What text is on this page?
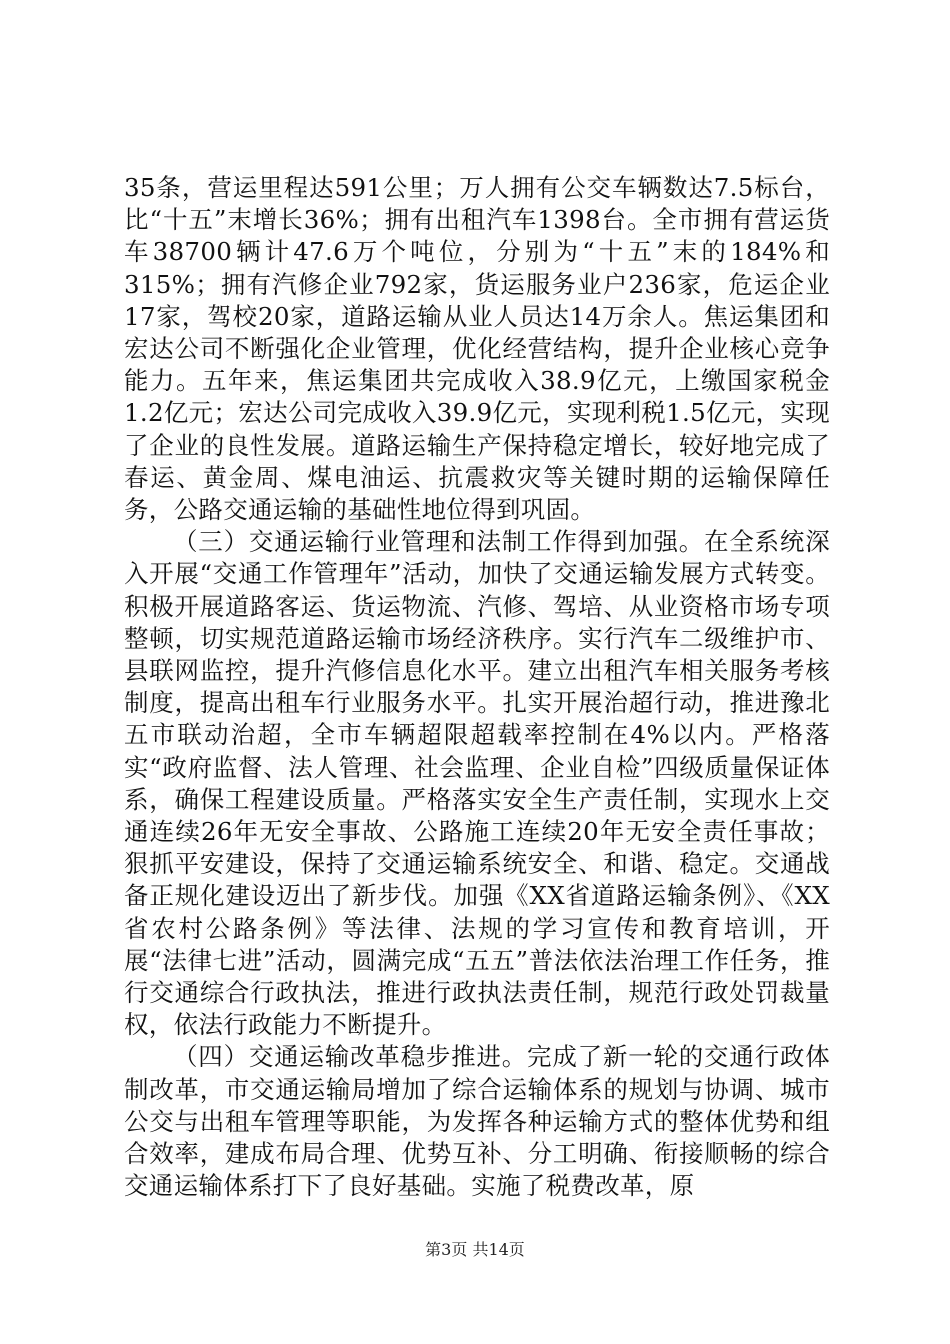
35条，营运里程达591公里；万人拥有公交车辆数达7.5标台，比“十五”末增长36%；拥有出租汽车1398台。全市拥有营运货车38700辆计47.6万个吨位，分别为“十五”末的184%和315%；拥有汽修企业792家，货运服务业户236家，危运企业17家，驾校20家，道路运输从业人员达14万余人。焦运集团和宏达公司不断强化企业管理，优化经营结构，提升企业核心竞争能力。五年来，焦运集团共完成收入38.9亿元，上缴国家税金1.2亿元；宏达公司完成收入39.9亿元，实现利税1.5亿元，实现了企业的良性发展。道路运输生产保持稳定增长，较好地完成了春运、黄金周、煤电油运、抗震救灾等关键时期的运输保障任务，公路交通运输的基础性地位得到巩固。

（三）交通运输行业管理和法制工作得到加强。在全系统深入开展“交通工作管理年”活动，加快了交通运输发展方式转变。积极开展道路客运、货运物流、汽修、驾培、从业资格市场专项整顿，切实规范道路运输市场经济秩序。实行汽车二级维护市、县联网监控，提升汽修信息化水平。建立出租汽车相关服务考核制度，提高出租车行业服务水平。扎实开展治超行动，推进豫北五市联动治超，全市车辆超限超载率控制在4%以内。严格落实“政府监督、法人管理、社会监理、企业自检”四级质量保证体系，确保工程建设质量。严格落实安全生产责任制，实现水上交通连续26年无安全事故、公路施工连续20年无安全责任事故；狠抓平安建设，保持了交通运输系统安全、和谐、稳定。交通战备正规化建设迈出了新步伐。加强《XX省道路运输条例》、《XX省农村公路条例》等法律、法规的学习宣传和教育培训，开展“法律七进”活动，圆满完成“五五”普法依法治理工作任务，推行交通综合行政执法，推进行政执法责任制，规范行政处罚裁量权，依法行政能力不断提升。

（四）交通运输改革稳步推进。完成了新一轮的交通行政体制改革，市交通运输局增加了综合运输体系的规划与协调、城市公交与出租车管理等职能，为发挥各种运输方式的整体优势和组合效率，建成布局合理、优势互补、分工明确、衔接顺畅的综合交通运输体系打下了良好基础。实施了税费改革，原

第3页 共14页
